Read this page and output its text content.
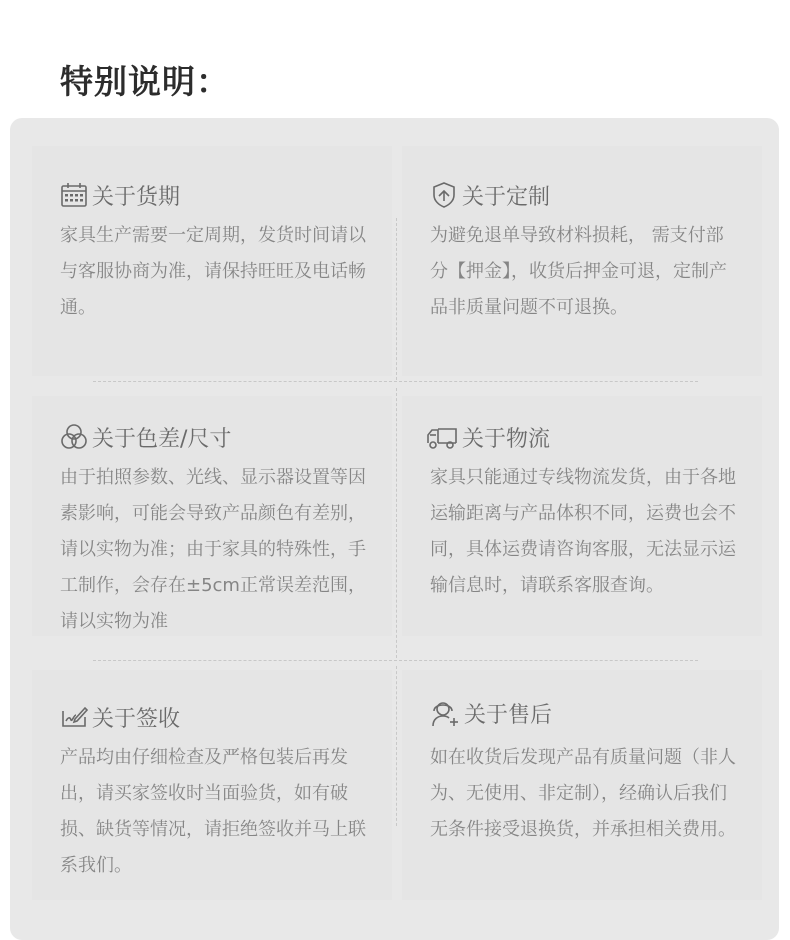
特别说明：
关于货期

家具生产需要一定周期，发货时间请以与客服协商为准，请保持旺旺及电话畅通。

关于定制

为避免退单导致材料损耗， 需支付部分【押金】，收货后押金可退，定制产品非质量问题不可退换。

关于色差/尺寸

由于拍照参数、光线、显示器设置等因素影响，可能会导致产品颜色有差别，请以实物为准；由于家具的特殊性，手工制作，会存在±5cm正常误差范围，请以实物为准

关于物流

家具只能通过专线物流发货，由于各地运输距离与产品体积不同，运费也会不同，具体运费请咨询客服，无法显示运输信息时，请联系客服查询。

关于签收

产品均由仔细检查及严格包装后再发出，请买家签收时当面验货，如有破损、缺货等情况，请拒绝签收并马上联系我们。

关于售后

如在收货后发现产品有质量问题（非人为、无使用、非定制），经确认后我们无条件接受退换货，并承担相关费用。
